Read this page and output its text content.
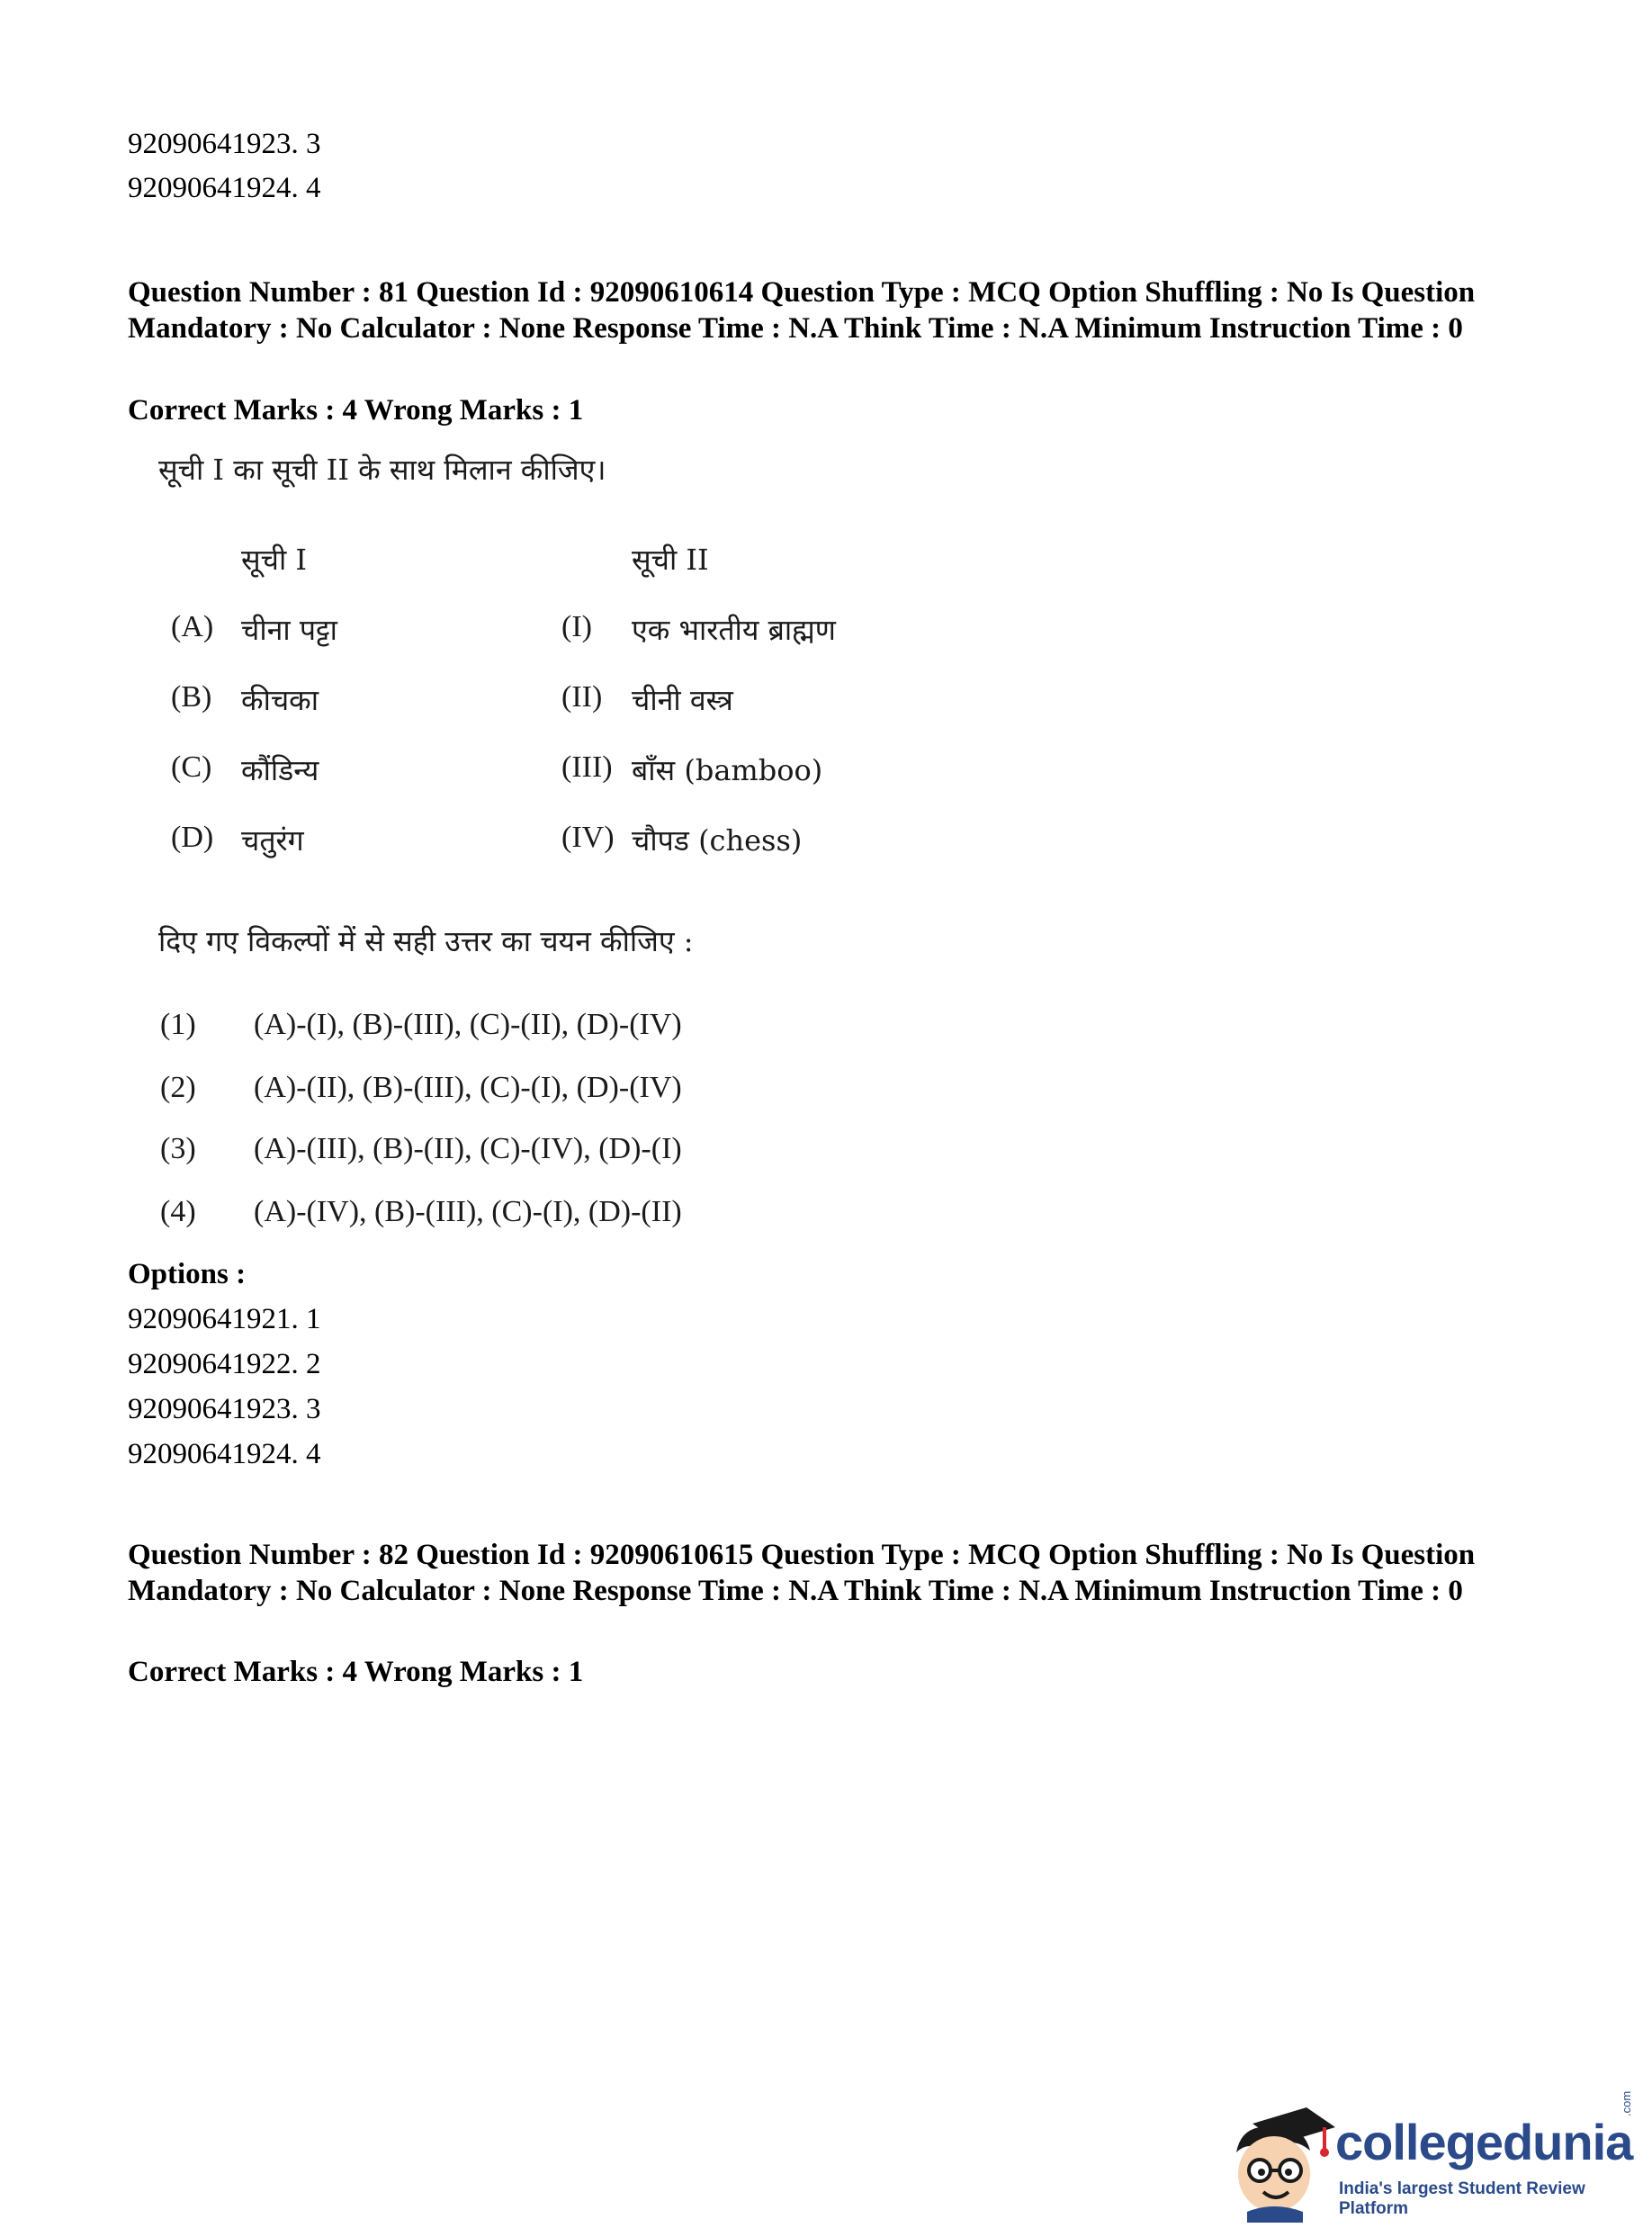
92090641923. 3
92090641924. 4
Question Number : 81 Question Id : 92090610614 Question Type : MCQ Option Shuffling : No Is Question Mandatory : No Calculator : None Response Time : N.A Think Time : N.A Minimum Instruction Time : 0
Correct Marks : 4 Wrong Marks : 1
सूची I का सूची II के साथ मिलान कीजिए।
सूची I	सूची II
(A) चीना पट्टा
(B) कीचका
(C) कौंडिन्य
(D) चतुरंग
(I) एक भारतीय ब्राह्मण
(II) चीनी वस्त्र
(III) बाँस (bamboo)
(IV) चौपड (chess)
दिए गए विकल्पों में से सही उत्तर का चयन कीजिए :
(1) (A)-(I), (B)-(III), (C)-(II), (D)-(IV)
(2) (A)-(II), (B)-(III), (C)-(I), (D)-(IV)
(3) (A)-(III), (B)-(II), (C)-(IV), (D)-(I)
(4) (A)-(IV), (B)-(III), (C)-(I), (D)-(II)
Options :
92090641921. 1
92090641922. 2
92090641923. 3
92090641924. 4
Question Number : 82 Question Id : 92090610615 Question Type : MCQ Option Shuffling : No Is Question Mandatory : No Calculator : None Response Time : N.A Think Time : N.A Minimum Instruction Time : 0
Correct Marks : 4 Wrong Marks : 1
collegedunia
.com
India's largest Student Review Platform
